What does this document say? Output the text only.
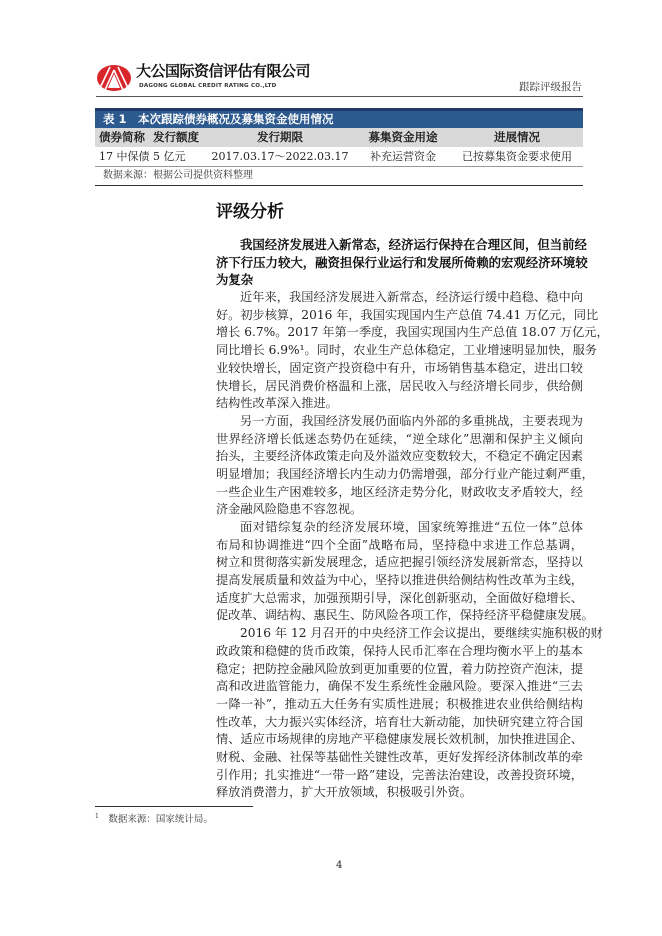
大公国际资信评估有限公司
DAGONG GLOBAL CREDIT RATING CO.,LTD	跟踪评级报告
表 1　本次跟踪债券概况及募集资金使用情况
债券简称 发行额度	发行期限	募集资金用途	进展情况
17 中保债 5 亿元	2017.03.17～2022.03.17	补充运营资金	已按募集资金要求使用
数据来源：根据公司提供资料整理
评级分析
我国经济发展进入新常态，经济运行保持在合理区间，但当前经
济下行压力较大，融资担保行业运行和发展所倚赖的宏观经济环境较
为复杂
近年来，我国经济发展进入新常态，经济运行缓中趋稳、稳中向
好。初步核算，2016 年，我国实现国内生产总值 74.41 万亿元，同比
增长 6.7%。2017 年第一季度，我国实现国内生产总值 18.07 万亿元，
同比增长 6.9%¹。同时，农业生产总体稳定，工业增速明显加快，服务
业较快增长，固定资产投资稳中有升，市场销售基本稳定，进出口较
快增长，居民消费价格温和上涨，居民收入与经济增长同步，供给侧
结构性改革深入推进。
另一方面，我国经济发展仍面临内外部的多重挑战，主要表现为
世界经济增长低迷态势仍在延续，“逆全球化”思潮和保护主义倾向
抬头，主要经济体政策走向及外溢效应变数较大，不稳定不确定因素
明显增加；我国经济增长内生动力仍需增强，部分行业产能过剩严重，
一些企业生产困难较多，地区经济走势分化，财政收支矛盾较大，经
济金融风险隐患不容忽视。
面对错综复杂的经济发展环境，国家统筹推进“五位一体”总体
布局和协调推进“四个全面”战略布局，坚持稳中求进工作总基调，
树立和贯彻落实新发展理念，适应把握引领经济发展新常态，坚持以
提高发展质量和效益为中心，坚持以推进供给侧结构性改革为主线，
适度扩大总需求，加强预期引导，深化创新驱动，全面做好稳增长、
促改革、调结构、惠民生、防风险各项工作，保持经济平稳健康发展。
2016 年 12 月召开的中央经济工作会议提出，要继续实施积极的财
政政策和稳健的货币政策，保持人民币汇率在合理均衡水平上的基本
稳定；把防控金融风险放到更加重要的位置，着力防控资产泡沫，提
高和改进监管能力，确保不发生系统性金融风险。要深入推进“三去
一降一补”，推动五大任务有实质性进展；积极推进农业供给侧结构
性改革，大力振兴实体经济，培育壮大新动能，加快研究建立符合国
情、适应市场规律的房地产平稳健康发展长效机制，加快推进国企、
财税、金融、社保等基础性关键性改革，更好发挥经济体制改革的牵
引作用；扎实推进“一带一路”建设，完善法治建设，改善投资环境，
释放消费潜力，扩大开放领域，积极吸引外资。
$^1$　 数据来源：国家统计局。
4
